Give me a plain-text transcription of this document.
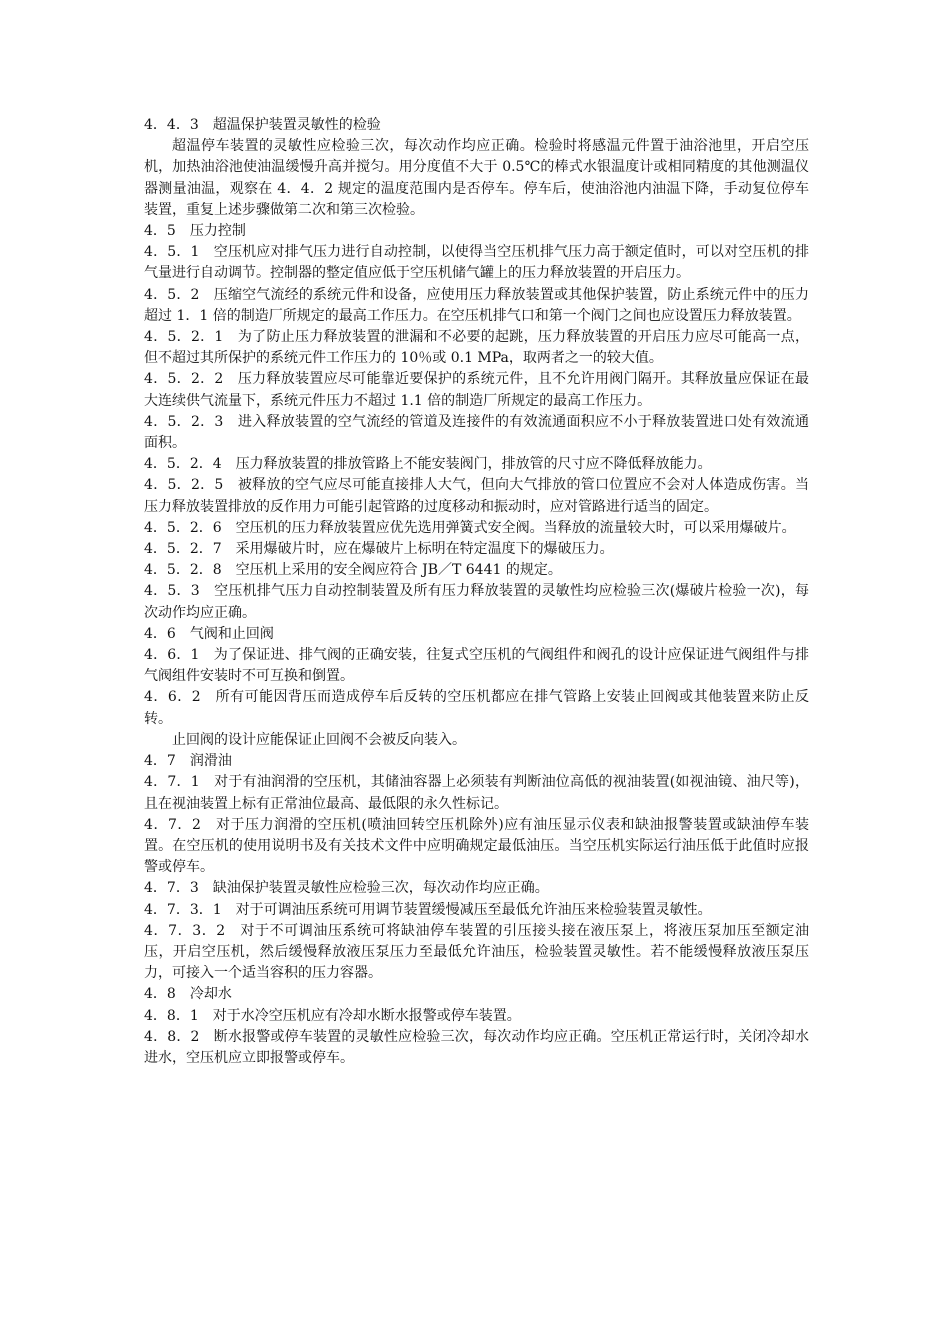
4．4．3　超温保护装置灵敏性的检验

超温停车装置的灵敏性应检验三次，每次动作均应正确。检验时将感温元件置于油浴池里，开启空压机，加热油浴池使油温缓慢升高并搅匀。用分度值不大于 0.5℃的棒式水银温度计或相同精度的其他测温仪器测量油温，观察在 4．4．2 规定的温度范围内是否停车。停车后，使油浴池内油温下降，手动复位停车装置，重复上述步骤做第二次和第三次检验。

4．5　压力控制

4．5．1　空压机应对排气压力进行自动控制，以使得当空压机排气压力高于额定值时，可以对空压机的排气量进行自动调节。控制器的整定值应低于空压机储气罐上的压力释放装置的开启压力。

4．5．2　压缩空气流经的系统元件和设备，应使用压力释放装置或其他保护装置，防止系统元件中的压力超过 1．1 倍的制造厂所规定的最高工作压力。在空压机排气口和第一个阀门之间也应设置压力释放装置。

4．5．2．1　为了防止压力释放装置的泄漏和不必要的起跳，压力释放装置的开启压力应尽可能高一点，但不超过其所保护的系统元件工作压力的 10％或 0.1 MPa，取两者之一的较大值。

4．5．2．2　压力释放装置应尽可能靠近要保护的系统元件，且不允许用阀门隔开。其释放量应保证在最大连续供气流量下，系统元件压力不超过 1.1 倍的制造厂所规定的最高工作压力。

4．5．2．3　进入释放装置的空气流经的管道及连接件的有效流通面积应不小于释放装置进口处有效流通面积。

4．5．2．4　压力释放装置的排放管路上不能安装阀门，排放管的尺寸应不降低释放能力。

4．5．2．5　被释放的空气应尽可能直接排人大气，但向大气排放的管口位置应不会对人体造成伤害。当压力释放装置排放的反作用力可能引起管路的过度移动和振动时，应对管路进行适当的固定。

4．5．2．6　空压机的压力释放装置应优先选用弹簧式安全阀。当释放的流量较大时，可以采用爆破片。

4．5．2．7　采用爆破片时，应在爆破片上标明在特定温度下的爆破压力。

4．5．2．8　空压机上采用的安全阀应符合 JB／T 6441 的规定。

4．5．3　空压机排气压力自动控制装置及所有压力释放装置的灵敏性均应检验三次(爆破片检验一次)，每次动作均应正确。

4．6　气阀和止回阀

4．6．1　为了保证进、排气阀的正确安装，往复式空压机的气阀组件和阀孔的设计应保证进气阀组件与排气阀组件安装时不可互换和倒置。

4．6．2　所有可能因背压而造成停车后反转的空压机都应在排气管路上安装止回阀或其他装置来防止反转。

止回阀的设计应能保证止回阀不会被反向装入。

4．7　润滑油

4．7．1　对于有油润滑的空压机，其储油容器上必须装有判断油位高低的视油装置(如视油镜、油尺等)，且在视油装置上标有正常油位最高、最低限的永久性标记。

4．7．2　对于压力润滑的空压机(喷油回转空压机除外)应有油压显示仪表和缺油报警装置或缺油停车装置。在空压机的使用说明书及有关技术文件中应明确规定最低油压。当空压机实际运行油压低于此值时应报警或停车。

4．7．3　缺油保护装置灵敏性应检验三次，每次动作均应正确。

4．7．3．1　对于可调油压系统可用调节装置缓慢减压至最低允许油压来检验装置灵敏性。

4．7．3．2　对于不可调油压系统可将缺油停车装置的引压接头接在液压泵上，将液压泵加压至额定油压，开启空压机，然后缓慢释放液压泵压力至最低允许油压，检验装置灵敏性。若不能缓慢释放液压泵压力，可接入一个适当容积的压力容器。

4．8　冷却水

4．8．1　对于水冷空压机应有冷却水断水报警或停车装置。

4．8．2　断水报警或停车装置的灵敏性应检验三次，每次动作均应正确。空压机正常运行时，关闭冷却水进水，空压机应立即报警或停车。
